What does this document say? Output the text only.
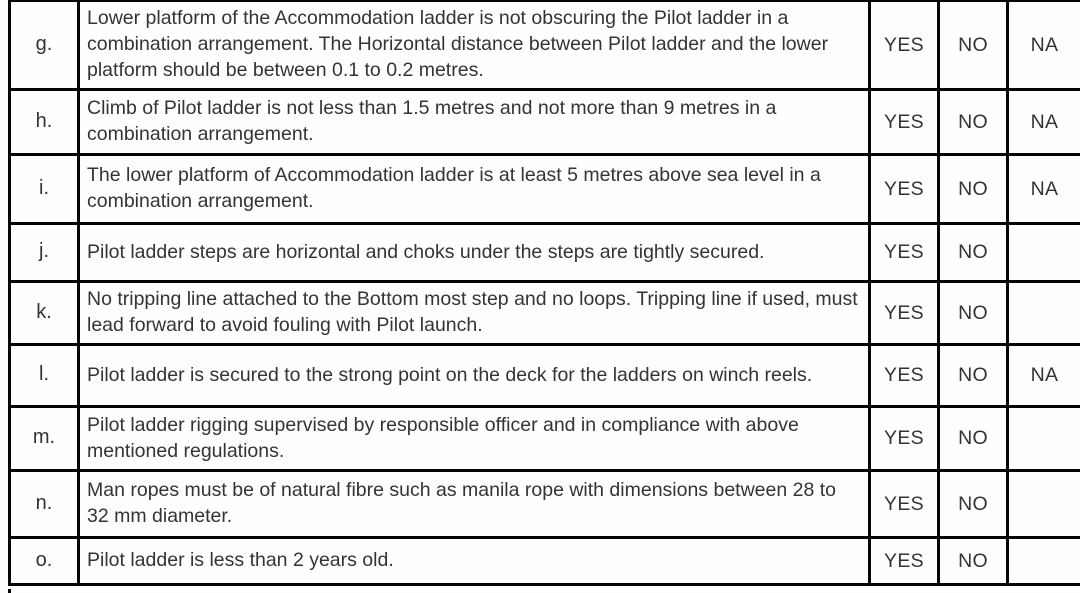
g.	Lower platform of the Accommodation ladder is not obscuring the Pilot ladder in a combination arrangement. The Horizontal distance between Pilot ladder and the lower platform should be between 0.1 to 0.2 metres.	YES	NO	NA
h.	Climb of Pilot ladder is not less than 1.5 metres and not more than 9 metres in a combination arrangement.	YES	NO	NA
i.	The lower platform of Accommodation ladder is at least 5 metres above sea level in a combination arrangement.	YES	NO	NA
j.	Pilot ladder steps are horizontal and choks under the steps are tightly secured.	YES	NO	
k.	No tripping line attached to the Bottom most step and no loops. Tripping line if used, must lead forward to avoid fouling with Pilot launch.	YES	NO	
l.	Pilot ladder is secured to the strong point on the deck for the ladders on winch reels.	YES	NO	NA
m.	Pilot ladder rigging supervised by responsible officer and in compliance with above mentioned regulations.	YES	NO	
n.	Man ropes must be of natural fibre such as manila rope with dimensions between 28 to 32 mm diameter.	YES	NO	
o.	Pilot ladder is less than 2 years old.	YES	NO	
